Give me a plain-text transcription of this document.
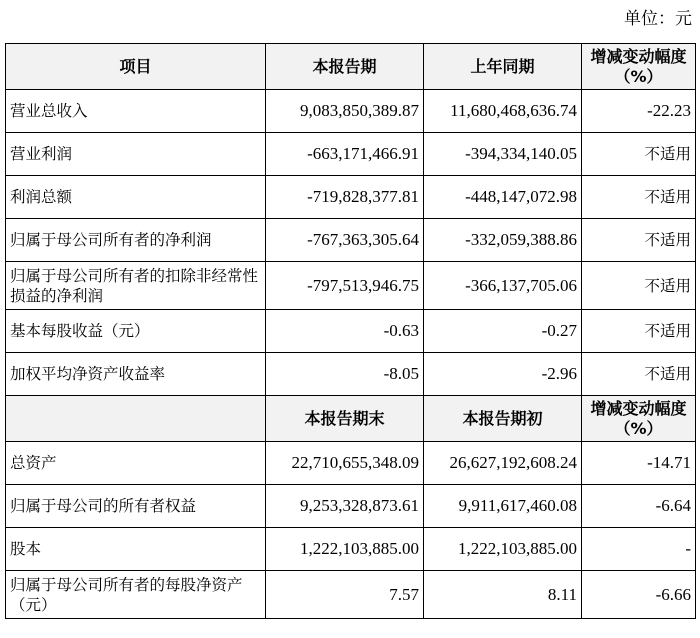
单位：元
项目	本报告期	上年同期	增减变动幅度（%）
营业总收入	9,083,850,389.87	11,680,468,636.74	-22.23
营业利润	-663,171,466.91	-394,334,140.05	不适用
利润总额	-719,828,377.81	-448,147,072.98	不适用
归属于母公司所有者的净利润	-767,363,305.64	-332,059,388.86	不适用
归属于母公司所有者的扣除非经常性损益的净利润	-797,513,946.75	-366,137,705.06	不适用
基本每股收益（元）	-0.63	-0.27	不适用
加权平均净资产收益率	-8.05	-2.96	不适用
	本报告期末	本报告期初	增减变动幅度（%）
总资产	22,710,655,348.09	26,627,192,608.24	-14.71
归属于母公司的所有者权益	9,253,328,873.61	9,911,617,460.08	-6.64
股本	1,222,103,885.00	1,222,103,885.00	-
归属于母公司所有者的每股净资产（元）	7.57	8.11	-6.66
